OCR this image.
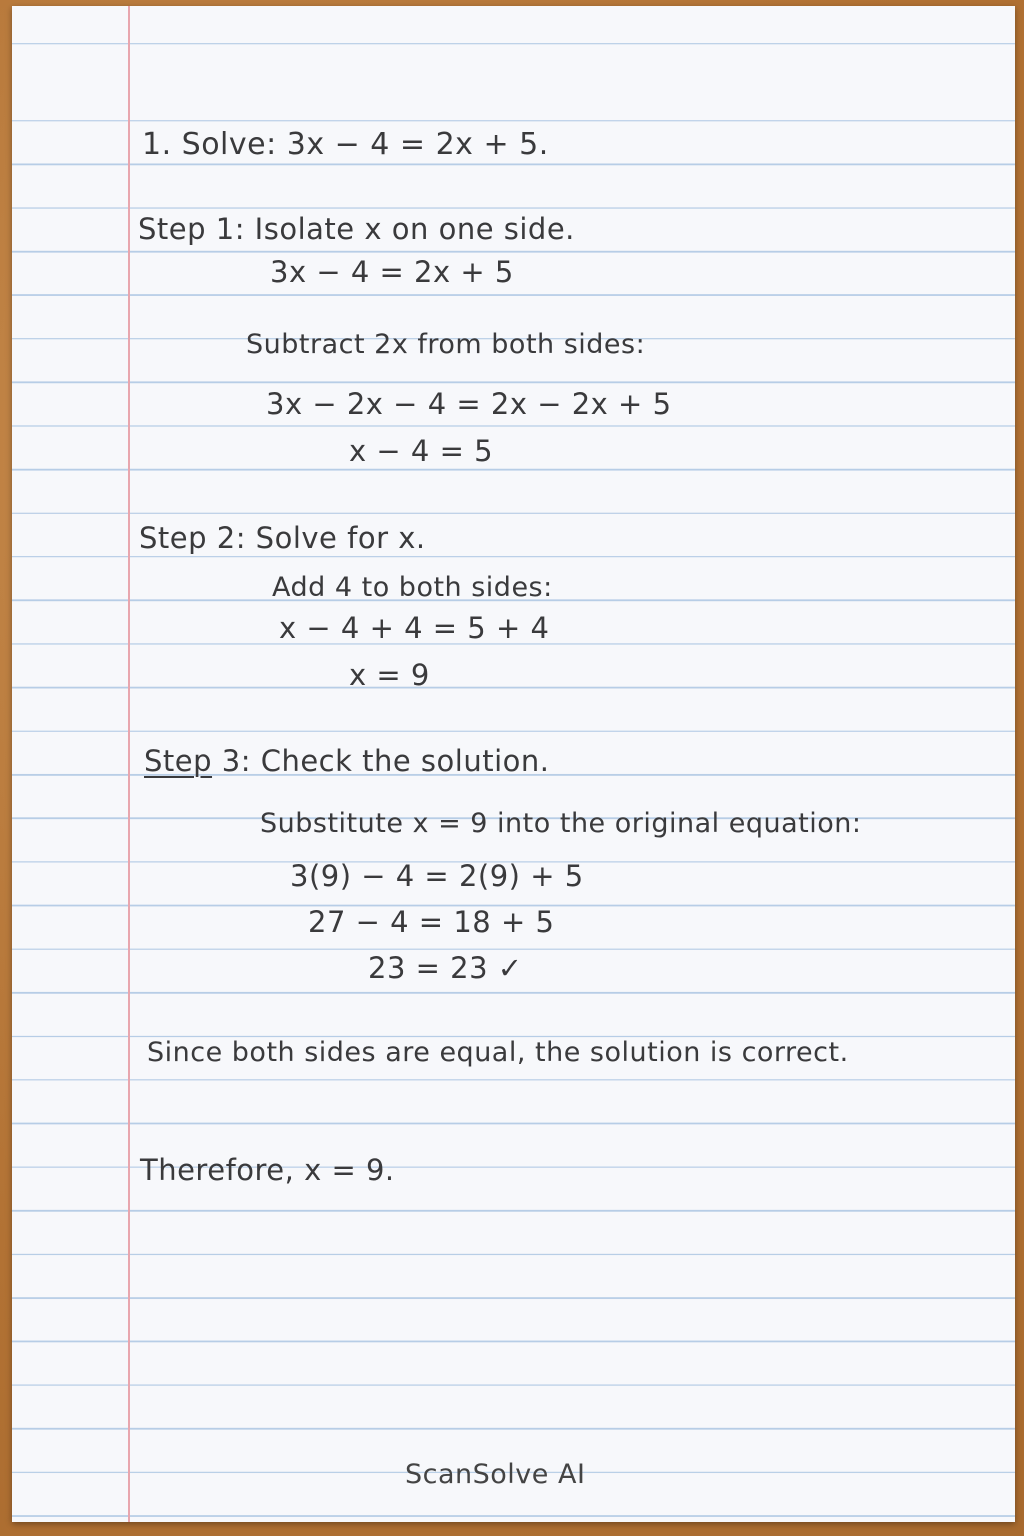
1. Solve: 3x − 4 = 2x + 5.
Step 1: Isolate x on one side.
3x − 4 = 2x + 5
Subtract 2x from both sides:
3x − 2x − 4 = 2x − 2x + 5
x − 4 = 5
Step 2: Solve for x.
Add 4 to both sides:
x − 4 + 4 = 5 + 4
x = 9
Step 3: Check the solution.
Substitute x = 9 into the original equation:
3(9) − 4 = 2(9) + 5
27 − 4 = 18 + 5
23 = 23 ✓
Since both sides are equal, the solution is correct.
Therefore, x = 9.
ScanSolve AI
